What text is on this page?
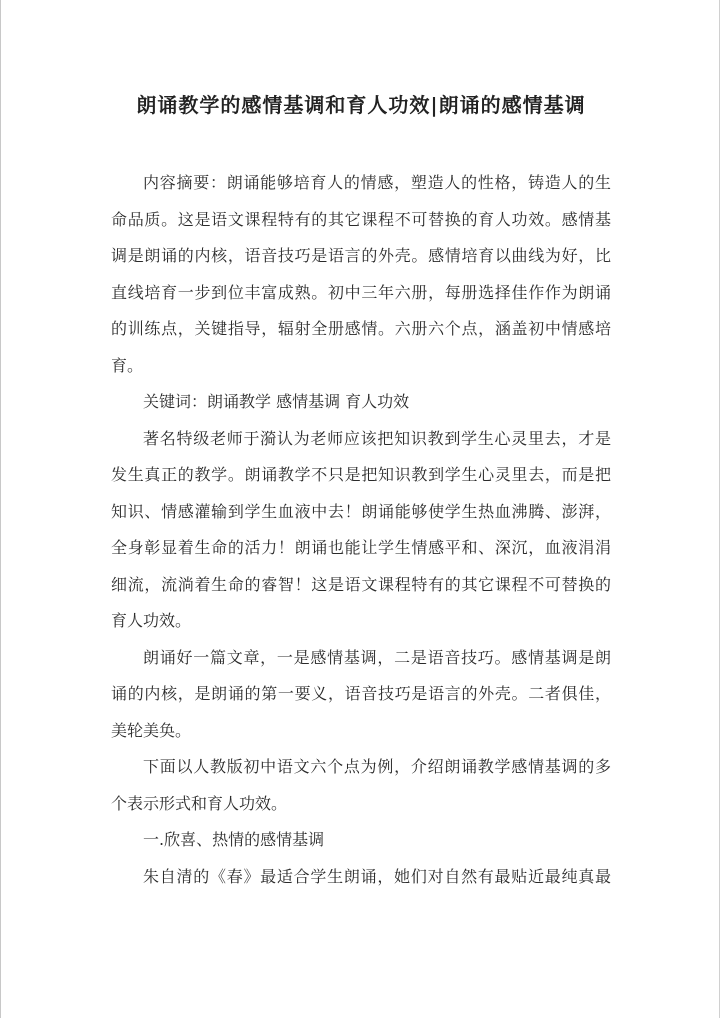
朗诵教学的感情基调和育人功效|朗诵的感情基调
内容摘要：朗诵能够培育人的情感，塑造人的性格，铸造人的生
命品质。这是语文课程特有的其它课程不可替换的育人功效。感情基
调是朗诵的内核，语音技巧是语言的外壳。感情培育以曲线为好，比
直线培育一步到位丰富成熟。初中三年六册，每册选择佳作作为朗诵
的训练点，关键指导，辐射全册感情。六册六个点，涵盖初中情感培
育。
关键词：朗诵教学 感情基调 育人功效
著名特级老师于漪认为老师应该把知识教到学生心灵里去，才是
发生真正的教学。朗诵教学不只是把知识教到学生心灵里去，而是把
知识、情感灌输到学生血液中去！朗诵能够使学生热血沸腾、澎湃，
全身彰显着生命的活力！朗诵也能让学生情感平和、深沉，血液涓涓
细流，流淌着生命的睿智！这是语文课程特有的其它课程不可替换的
育人功效。
朗诵好一篇文章，一是感情基调，二是语音技巧。感情基调是朗
诵的内核，是朗诵的第一要义，语音技巧是语言的外壳。二者俱佳，
美轮美奂。
下面以人教版初中语文六个点为例，介绍朗诵教学感情基调的多
个表示形式和育人功效。
一.欣喜、热情的感情基调
朱自清的《春》最适合学生朗诵，她们对自然有最贴近最纯真最
